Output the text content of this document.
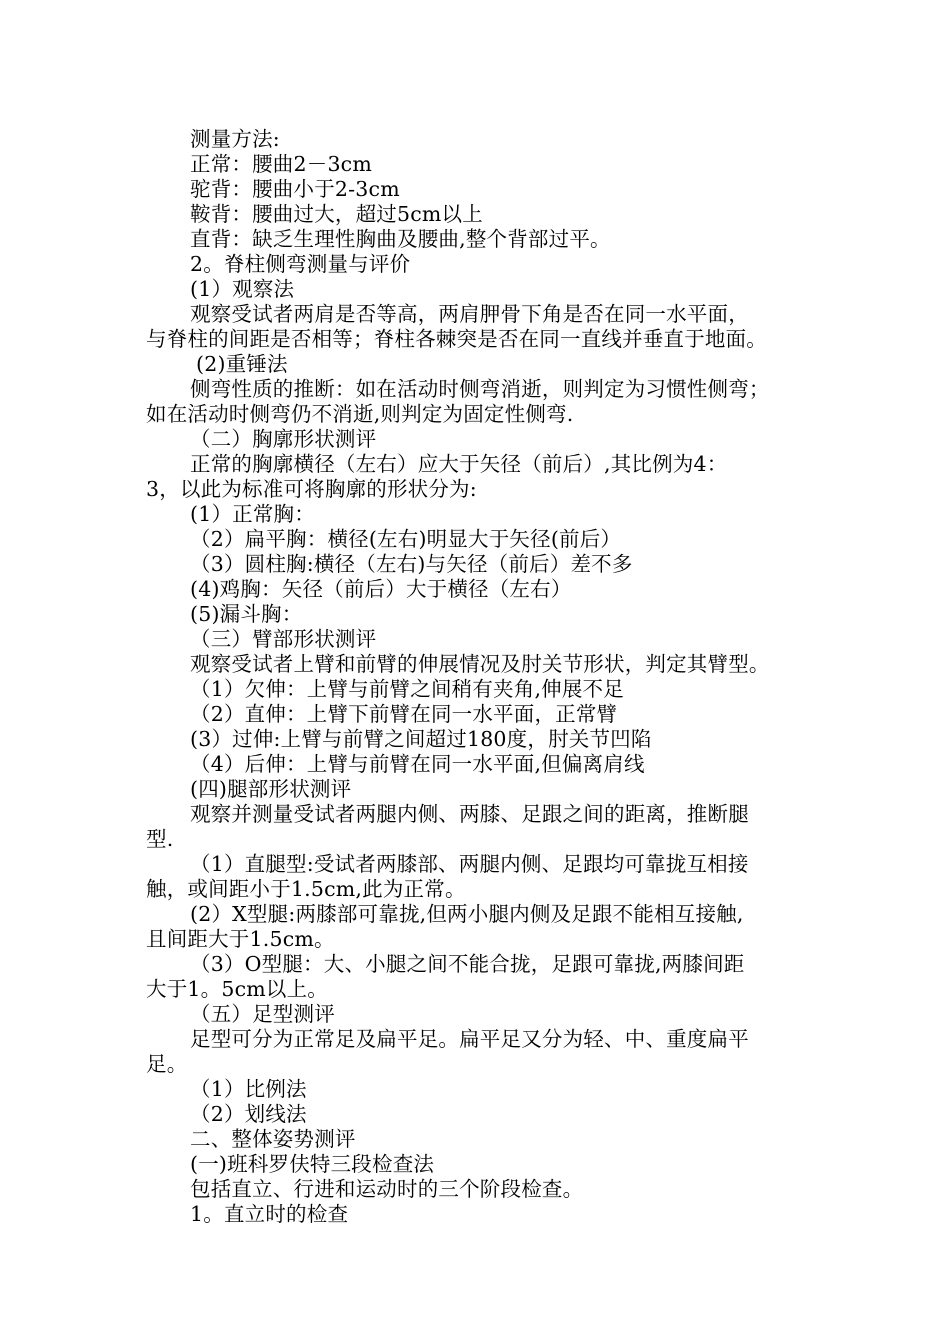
测量方法:
正常：腰曲2－3cm
驼背：腰曲小于2-3cm
鞍背：腰曲过大，超过5cm以上
直背：缺乏生理性胸曲及腰曲,整个背部过平。
2。脊柱侧弯测量与评价
(1）观察法
观察受试者两肩是否等高，两肩胛骨下角是否在同一水平面，
与脊柱的间距是否相等；脊柱各棘突是否在同一直线并垂直于地面。
(2)重锤法
侧弯性质的推断：如在活动时侧弯消逝，则判定为习惯性侧弯；
如在活动时侧弯仍不消逝,则判定为固定性侧弯.
（二）胸廓形状测评
正常的胸廓横径（左右）应大于矢径（前后）,其比例为4：
3，以此为标准可将胸廓的形状分为:
(1）正常胸：
（2）扁平胸：横径(左右)明显大于矢径(前后）
（3）圆柱胸:横径（左右)与矢径（前后）差不多
(4)鸡胸：矢径（前后）大于横径（左右）
(5)漏斗胸：
（三）臂部形状测评
观察受试者上臂和前臂的伸展情况及肘关节形状，判定其臂型。
（1）欠伸：上臂与前臂之间稍有夹角,伸展不足
（2）直伸：上臂下前臂在同一水平面，正常臂
(3）过伸:上臂与前臂之间超过180度，肘关节凹陷
（4）后伸：上臂与前臂在同一水平面,但偏离肩线
(四)腿部形状测评
观察并测量受试者两腿内侧、两膝、足跟之间的距离，推断腿
型.
（1）直腿型:受试者两膝部、两腿内侧、足跟均可靠拢互相接
触，或间距小于1.5cm,此为正常。
(2）X型腿:两膝部可靠拢,但两小腿内侧及足跟不能相互接触,
且间距大于1.5cm。
（3）O型腿：大、小腿之间不能合拢，足跟可靠拢,两膝间距
大于1。5cm以上。
（五）足型测评
足型可分为正常足及扁平足。扁平足又分为轻、中、重度扁平
足。
（1）比例法
（2）划线法
二、整体姿势测评
(一)班科罗伕特三段检查法
包括直立、行进和运动时的三个阶段检查。
1。直立时的检查
